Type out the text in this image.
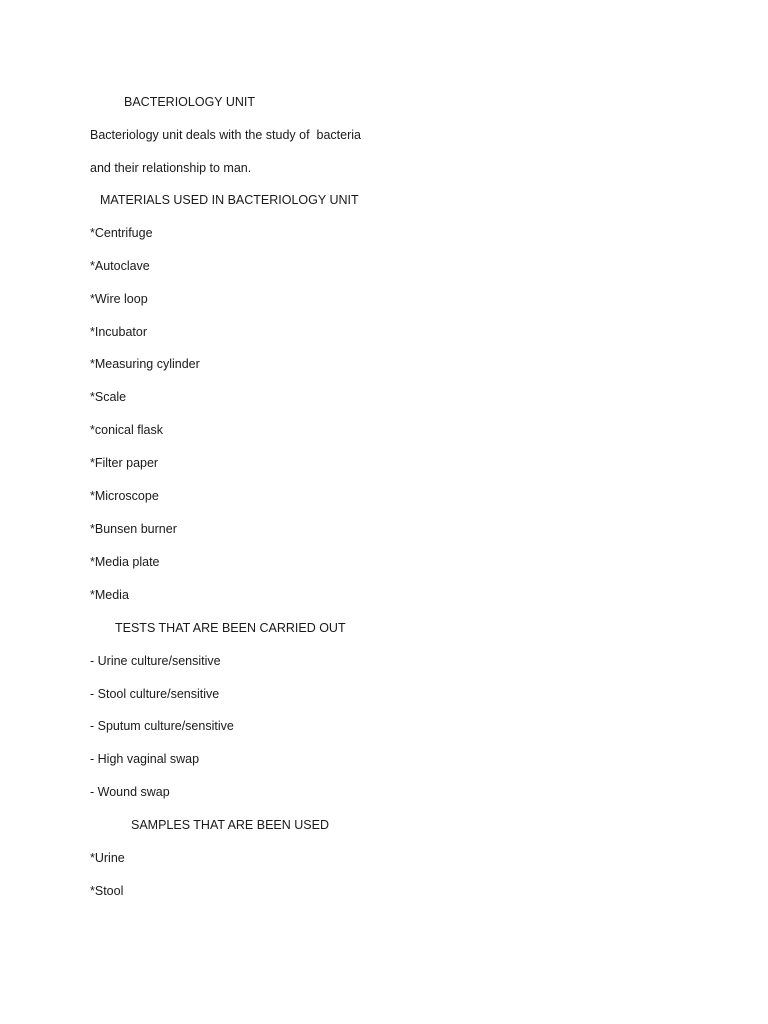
BACTERIOLOGY UNIT
Bacteriology unit deals with the study of  bacteria
and their relationship to man.
MATERIALS USED IN BACTERIOLOGY UNIT
*Centrifuge
*Autoclave
*Wire loop
*Incubator
*Measuring cylinder
*Scale
*conical flask
*Filter paper
*Microscope
*Bunsen burner
*Media plate
*Media
TESTS THAT ARE BEEN CARRIED OUT
- Urine culture/sensitive
- Stool culture/sensitive
- Sputum culture/sensitive
- High vaginal swap
- Wound swap
SAMPLES THAT ARE BEEN USED
*Urine
*Stool
